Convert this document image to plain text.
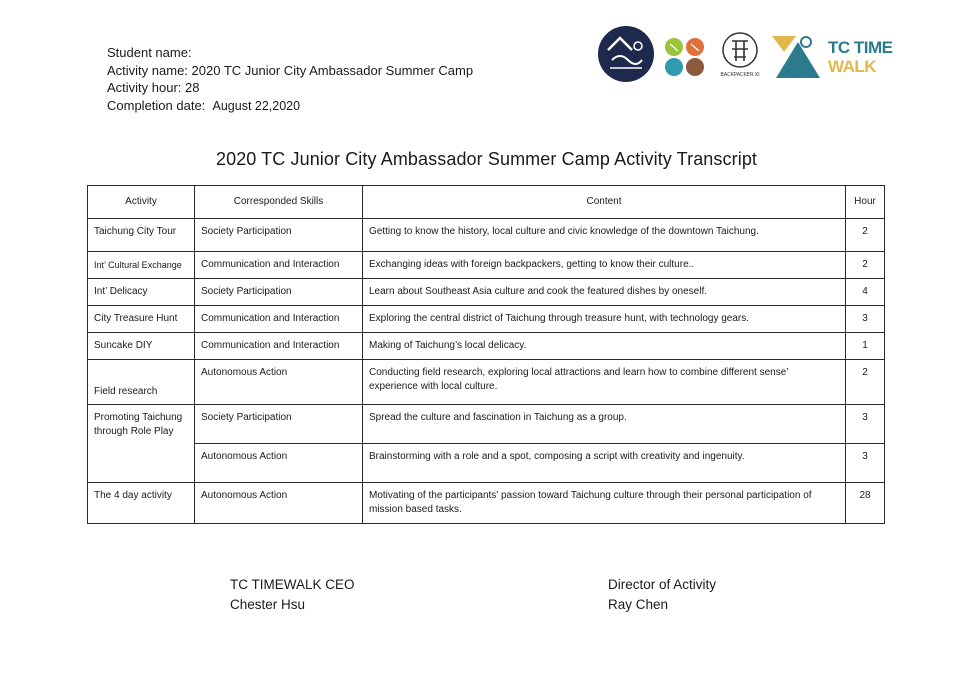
Student name:
Activity name: 2020 TC Junior City Ambassador Summer Camp
Activity hour: 28
Completion date: August 22,2020
BACKPACKER.XI
TC TIME
WALK
2020 TC Junior City Ambassador Summer Camp Activity Transcript
Activity	Corresponded Skills	Content	Hour
Taichung City Tour	Society Participation	Getting to know the history, local culture and civic knowledge of the downtown Taichung.	2
Int’ Cultural Exchange	Communication and Interaction	Exchanging ideas with foreign backpackers, getting to know their culture..	2
Int’ Delicacy	Society Participation	Learn about Southeast Asia culture and cook the featured dishes by oneself.	4
City Treasure Hunt	Communication and Interaction	Exploring the central district of Taichung through treasure hunt, with technology gears.	3
Suncake DIY	Communication and Interaction	Making of Taichung’s local delicacy.	1
Field research	Autonomous Action	Conducting field research, exploring local attractions and learn how to combine different sense’ experience with local culture.	2
Promoting Taichung through Role Play	Society Participation	Spread the culture and fascination in Taichung as a group.	3
	Autonomous Action	Brainstorming with a role and a spot, composing a script with creativity and ingenuity.	3
The 4 day activity	Autonomous Action	Motivating of the participants' passion toward Taichung culture through their personal participation of mission based tasks.	28
TC TIMEWALK CEO
Chester Hsu
Director of Activity
Ray Chen
